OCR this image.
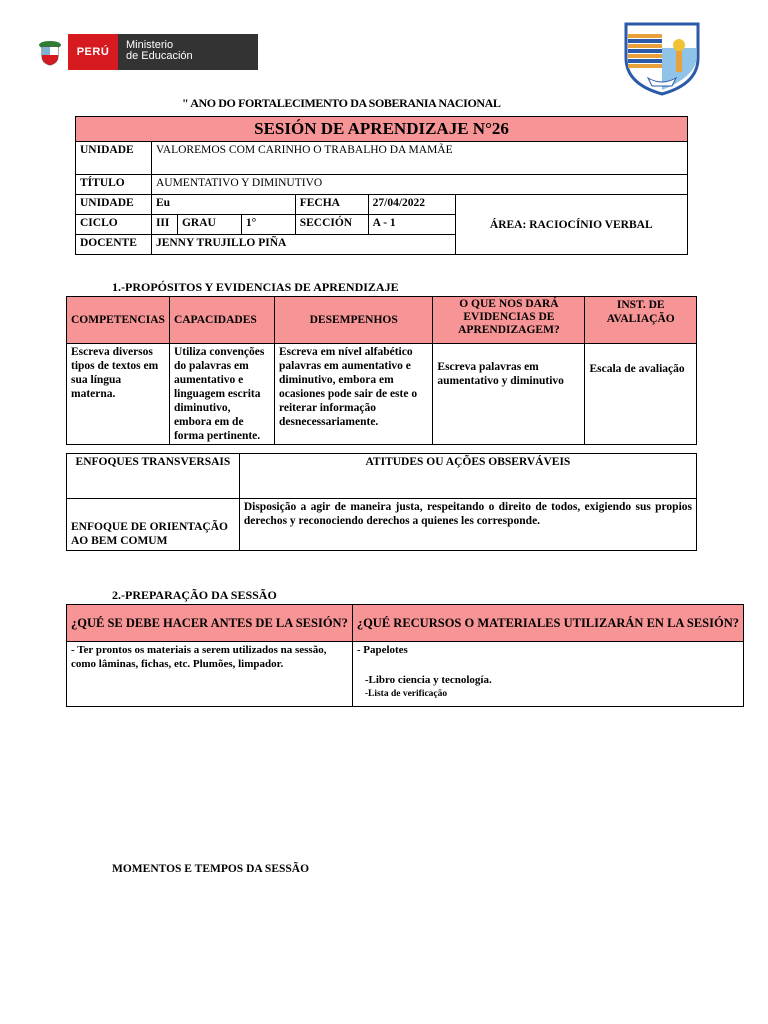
PERÚ
Ministerio
de Educación
" ANO DO FORTALECIMENTO DA SOBERANIA NACIONAL
SESIÓN DE APRENDIZAJE N°26						
UNIDADE	VALOREMOS COM CARINHO O TRABALHO DA MAMÃE					
TÍTULO	AUMENTATIVO Y DIMINUTIVO					
UNIDADE	Eu			FECHA	27/04/2022	ÁREA: RACIOCÍNIO VERBAL
CICLO	III	GRAU	1°	SECCIÓN	A - 1	
DOCENTE	JENNY TRUJILLO PIÑA					
1.-PROPÓSITOS Y EVIDENCIAS DE APRENDIZAJE
COMPETENCIAS	CAPACIDADES	DESEMPENHOS	O QUE NOS DARÁ EVIDENCIAS DE APRENDIZAGEM?	INST. DE AVALIAÇÃO
Escreva diversos tipos de textos em sua língua materna.	Utiliza convenções do palavras em aumentativo e linguagem escrita diminutivo, embora em de forma pertinente.	Escreva em nível alfabético palavras em aumentativo e diminutivo, embora em ocasiones pode sair de este o reiterar informação desnecessariamente.	Escreva palavras em aumentativo y diminutivo	Escala de avaliação
ENFOQUES TRANSVERSAIS	ATITUDES OU AÇÕES OBSERVÁVEIS
ENFOQUE DE ORIENTAÇÃO AO BEM COMUM	Disposição a agir de maneira justa, respeitando o direito de todos, exigiendo sus propios derechos y reconociendo derechos a quienes les corresponde.
2.-PREPARAÇÃO DA SESSÃO
¿QUÉ SE DEBE HACER ANTES DE LA SESIÓN?	¿QUÉ RECURSOS O MATERIALES UTILIZARÁN EN LA SESIÓN?
- Ter prontos os materiais a serem utilizados na sessão, como lâminas, fichas, etc. Plumões, limpador.	- Papelotes
-Libro ciencia y tecnología.
-Lista de verificação
MOMENTOS E TEMPOS DA SESSÃO
